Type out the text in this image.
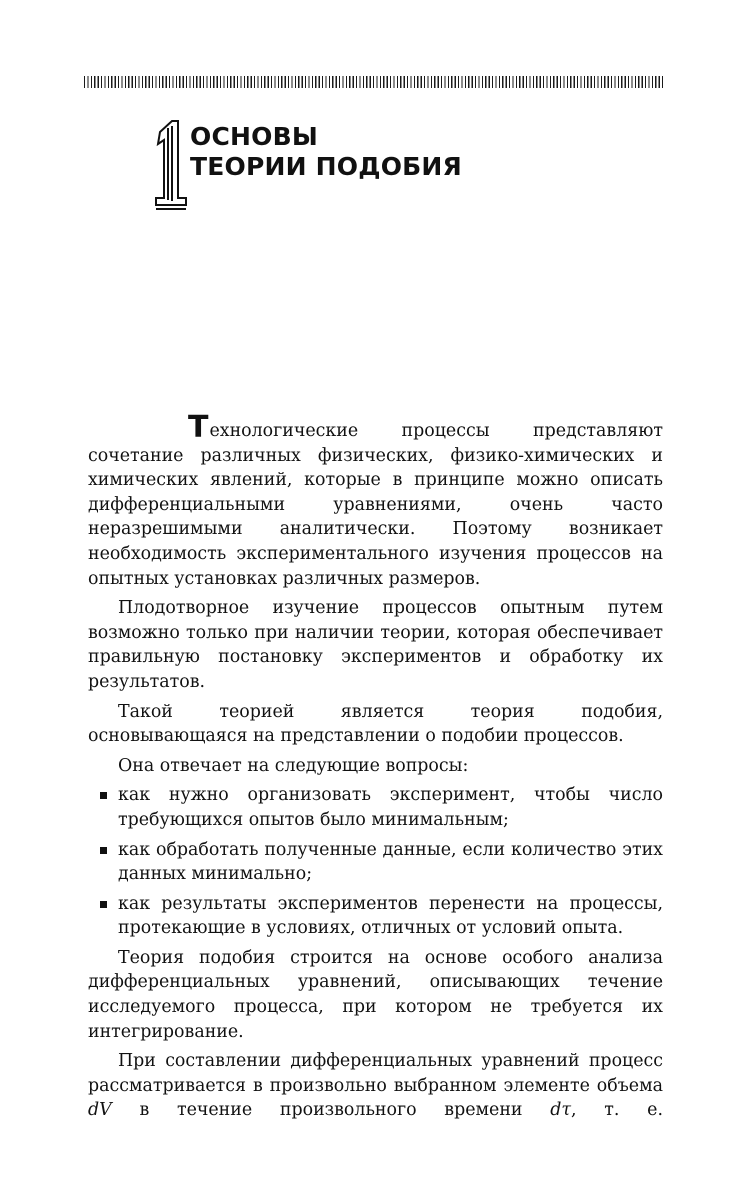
1
ОСНОВЫ
ТЕОРИИ ПОДОБИЯ

Технологические процессы представляют сочетание различных физических, физико-химических и химических явлений, которые в принципе можно описать дифференциальными уравнениями, очень часто неразрешимыми аналитически. Поэтому возникает необходимость экспериментального изучения процессов на опытных установках различных размеров.

Плодотворное изучение процессов опытным путем возможно только при наличии теории, которая обеспечивает правильную постановку экспериментов и обработку их результатов.

Такой теорией является теория подобия, основывающаяся на представлении о подобии процессов.

Она отвечает на следующие вопросы:

как нужно организовать эксперимент, чтобы число требующихся опытов было минимальным;
как обработать полученные данные, если количество этих данных минимально;
как результаты экспериментов перенести на процессы, протекающие в условиях, отличных от условий опыта.

Теория подобия строится на основе особого анализа дифференциальных уравнений, описывающих течение исследуемого процесса, при котором не требуется их интегрирование.

При составлении дифференциальных уравнений процесс рассматривается в произвольно выбранном элементе объема dV в течение произвольного времени dτ, т. е.
